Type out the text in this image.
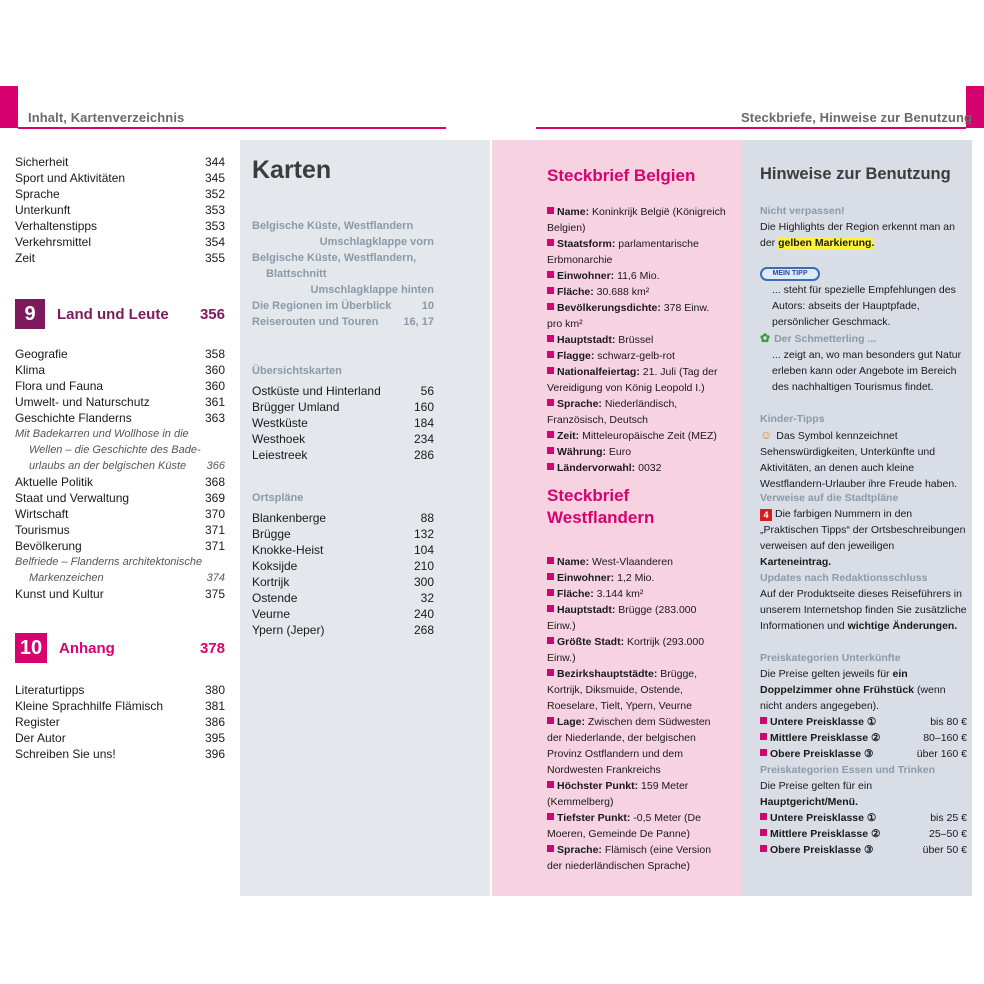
Inhalt, Kartenverzeichnis	Steckbriefe, Hinweise zur Benutzung
Sicherheit	344
Sport und Aktivitäten	345
Sprache	352
Unterkunft	353
Verhaltenstipps	353
Verkehrsmittel	354
Zeit	355
9	Land und Leute	356
Geografie	358
Klima	360
Flora und Fauna	360
Umwelt- und Naturschutz	361
Geschichte Flanderns	363
Mit Badekarren und Wollhose in die
Wellen – die Geschichte des Bade-
urlaubs an der belgischen Küste 366
Aktuelle Politik	368
Staat und Verwaltung	369
Wirtschaft	370
Tourismus	371
Bevölkerung	371
Belfriede – Flanderns architektonische
Markenzeichen	374
Kunst und Kultur	375
10	Anhang	378
Literaturtipps	380
Kleine Sprachhilfe Flämisch	381
Register	386
Der Autor	395
Schreiben Sie uns!	396
Karten
Belgische Küste, Westflandern
Umschlagklappe vorn
Belgische Küste, Westflandern,
Blattschnitt
Umschlagklappe hinten
Die Regionen im Überblick	10
Reiserouten und Touren 16, 17
Übersichtskarten
Ostküste und Hinterland	56
Brügger Umland	160
Westküste	184
Westhoek	234
Leiestreek	286
Ortspläne
Blankenberge	88
Brügge	132
Knokke-Heist	104
Koksijde	210
Kortrijk	300
Ostende	32
Veurne	240
Ypern (Jeper)	268
Steckbrief Belgien
Name: Koninkrijk België (Königreich Belgien)
Staatsform: parlamentarische Erbmonarchie
Einwohner: 11,6 Mio.
Fläche: 30.688 km²
Bevölkerungsdichte: 378 Einw. pro km²
Hauptstadt: Brüssel
Flagge: schwarz-gelb-rot
Nationalfeiertag: 21. Juli (Tag der Vereidigung von König Leopold I.)
Sprache: Niederländisch, Französisch, Deutsch
Zeit: Mitteleuropäische Zeit (MEZ)
Währung: Euro
Ländervorwahl: 0032
Steckbrief
Westflandern
Name: West-Vlaanderen
Einwohner: 1,2 Mio.
Fläche: 3.144 km²
Hauptstadt: Brügge (283.000 Einw.)
Größte Stadt: Kortrijk (293.000 Einw.)
Bezirkshauptstädte: Brügge, Kortrijk, Diksmuide, Ostende, Roeselare, Tielt, Ypern, Veurne
Lage: Zwischen dem Südwesten der Niederlande, der belgischen Provinz Ostflandern und dem Nordwesten Frankreichs
Höchster Punkt: 159 Meter (Kemmelberg)
Tiefster Punkt: -0,5 Meter (De Moeren, Gemeinde De Panne)
Sprache: Flämisch (eine Version der niederländischen Sprache)
Hinweise zur Benutzung
Nicht verpassen!
Die Highlights der Region erkennt man an der gelben Markierung.
MEIN TIPP
... steht für spezielle Empfehlungen des Autors: abseits der Hauptpfade, persönlicher Geschmack.
✿ Der Schmetterling ...
... zeigt an, wo man besonders gut Natur erleben kann oder Angebote im Bereich des nachhaltigen Tourismus findet.
Kinder-Tipps
☺ Das Symbol kennzeichnet Sehenswürdigkeiten, Unterkünfte und Aktivitäten, an denen auch kleine Westflandern-Urlauber ihre Freude haben.
Verweise auf die Stadtpläne
4 Die farbigen Nummern in den „Praktischen Tipps“ der Ortsbeschreibungen verweisen auf den jeweiligen Karteneintrag.
Updates nach Redaktionsschluss
Auf der Produktseite dieses Reiseführers in unserem Internetshop finden Sie zusätzliche Informationen und wichtige Änderungen.
Preiskategorien Unterkünfte
Die Preise gelten jeweils für ein Doppelzimmer ohne Frühstück (wenn nicht anders angegeben).
Untere Preisklasse ①	bis 80 €
Mittlere Preisklasse ②	80–160 €
Obere Preisklasse ③	über 160 €
Preiskategorien Essen und Trinken
Die Preise gelten für ein Hauptgericht/Menü.
Untere Preisklasse ①	bis 25 €
Mittlere Preisklasse ②	25–50 €
Obere Preisklasse ③	über 50 €
